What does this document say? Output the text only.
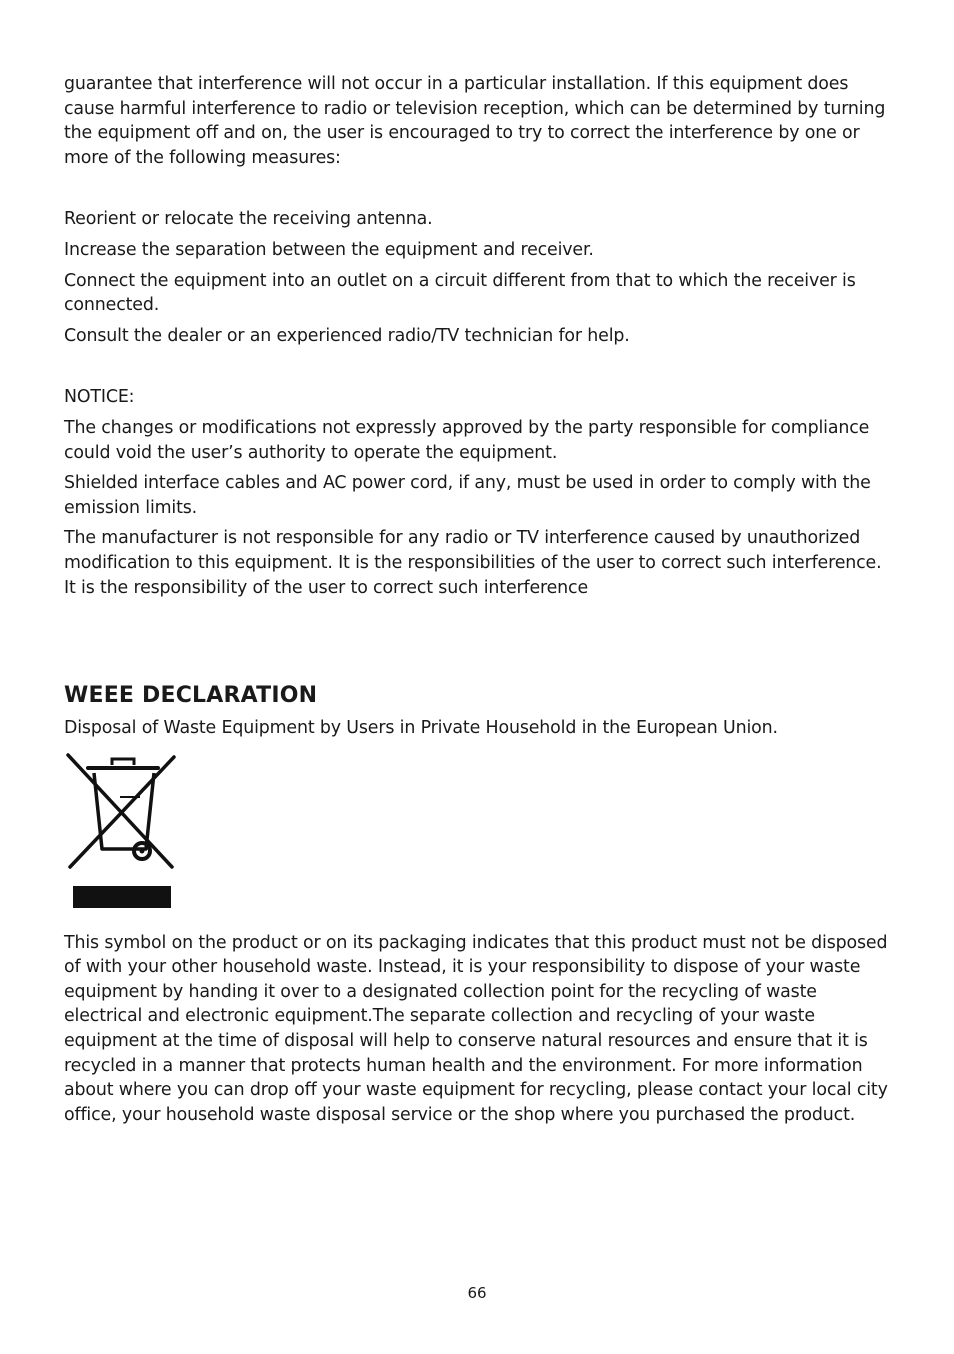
guarantee that interference will not occur in a particular installation. If this equipment does cause harmful interference to radio or television reception, which can be determined by turning the equipment off and on, the user is encouraged to try to correct the interference by one or more of the following measures:

Reorient or relocate the receiving antenna.

Increase the separation between the equipment and receiver.

Connect the equipment into an outlet on a circuit different from that to which the receiver is connected.

Consult the dealer or an experienced radio/TV technician for help.

NOTICE:

The changes or modifications not expressly approved by the party responsible for compliance could void the user’s authority to operate the equipment.

Shielded interface cables and AC power cord, if any, must be used in order to comply with the emission limits.

The manufacturer is not responsible for any radio or TV interference caused by unauthorized modification to this equipment. It is the responsibilities of the user to correct such interference. It is the responsibility of the user to correct such interference

WEEE DECLARATION

Disposal of Waste Equipment by Users in Private Household in the European Union.

This symbol on the product or on its packaging indicates that this product must not be disposed of with your other household waste. Instead, it is your responsibility to dispose of your waste equipment by handing it over to a designated collection point for the recycling of waste electrical and electronic equipment.The separate collection and recycling of your waste equipment at the time of disposal will help to conserve natural resources and ensure that it is recycled in a manner that protects human health and the environment. For more information about where you can drop off your waste equipment for recycling, please contact your local city office, your household waste disposal service or the shop where you purchased the product.

66
